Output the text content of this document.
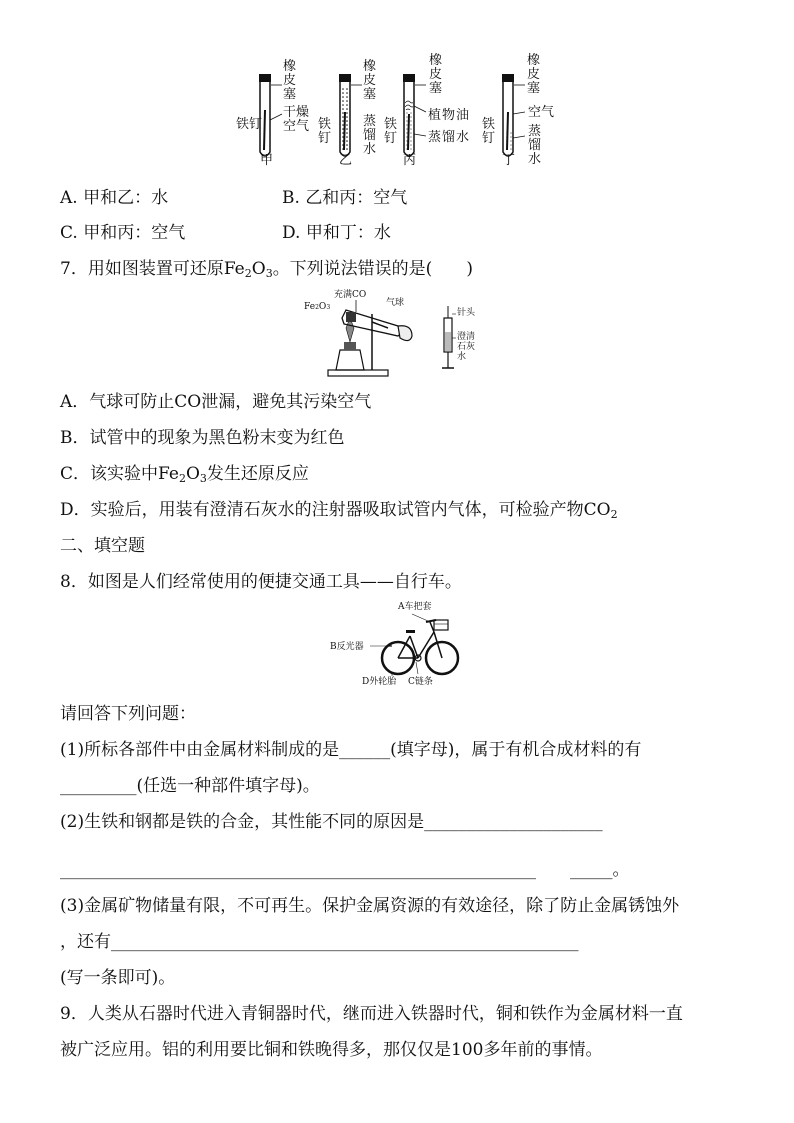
橡皮塞
干燥空气
铁钉
甲
橡皮塞
蒸馏水
铁钉
乙
橡皮塞
植物油
蒸馏水
铁钉
丙
橡皮塞
空气
蒸馏水
铁钉
丁
A. 甲和乙：水	B. 乙和丙：空气
C. 甲和丙：空气	D. 甲和丁：水
7．用如图装置可还原$Fe_2O_3$。下列说法错误的是(　　)
充满CO
气球
Fe2O3
针头
澄清石灰水
A．气球可防止CO泄漏，避免其污染空气
B．试管中的现象为黑色粉末变为红色
C．该实验中$Fe_2O_3$发生还原反应
D．实验后，用装有澄清石灰水的注射器吸取试管内气体，可检验产物$CO_2$
二、填空题
8．如图是人们经常使用的便捷交通工具——自行车。
A车把套
B反光器
D外轮胎 C链条
请回答下列问题：
(1)所标各部件中由金属材料制成的是______(填字母)，属于有机合成材料的有
_________(任选一种部件填字母)。
(2)生铁和钢都是铁的合金，其性能不同的原因是_____________________
________________________________________________________　　_____。
(3)金属矿物储量有限，不可再生。保护金属资源的有效途径，除了防止金属锈蚀外
，还有_______________________________________________________
(写一条即可)。
9．人类从石器时代进入青铜器时代，继而进入铁器时代，铜和铁作为金属材料一直
被广泛应用。铝的利用要比铜和铁晚得多，那仅仅是100多年前的事情。
